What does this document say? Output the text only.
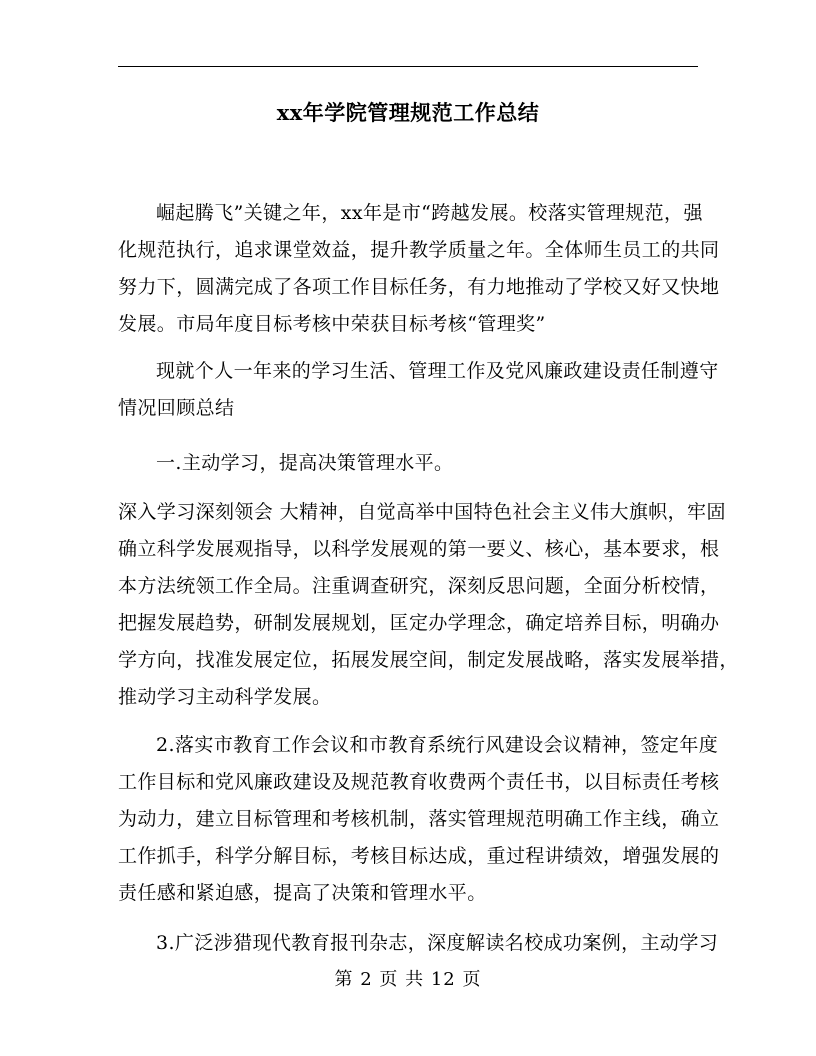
xx年学院管理规范工作总结
崛起腾飞”关键之年，xx年是市“跨越发展。校落实管理规范，强
化规范执行，追求课堂效益，提升教学质量之年。全体师生员工的共同
努力下，圆满完成了各项工作目标任务，有力地推动了学校又好又快地
发展。市局年度目标考核中荣获目标考核“管理奖”
现就个人一年来的学习生活、管理工作及党风廉政建设责任制遵守
情况回顾总结
一.主动学习，提高决策管理水平。
深入学习深刻领会 大精神，自觉高举中国特色社会主义伟大旗帜，牢固
确立科学发展观指导，以科学发展观的第一要义、核心，基本要求，根
本方法统领工作全局。注重调查研究，深刻反思问题，全面分析校情，
把握发展趋势，研制发展规划，匡定办学理念，确定培养目标，明确办
学方向，找准发展定位，拓展发展空间，制定发展战略，落实发展举措，
推动学习主动科学发展。
2.落实市教育工作会议和市教育系统行风建设会议精神，签定年度
工作目标和党风廉政建设及规范教育收费两个责任书，以目标责任考核
为动力，建立目标管理和考核机制，落实管理规范明确工作主线，确立
工作抓手，科学分解目标，考核目标达成，重过程讲绩效，增强发展的
责任感和紧迫感，提高了决策和管理水平。
3.广泛涉猎现代教育报刊杂志，深度解读名校成功案例，主动学习
第 2 页 共 12 页
